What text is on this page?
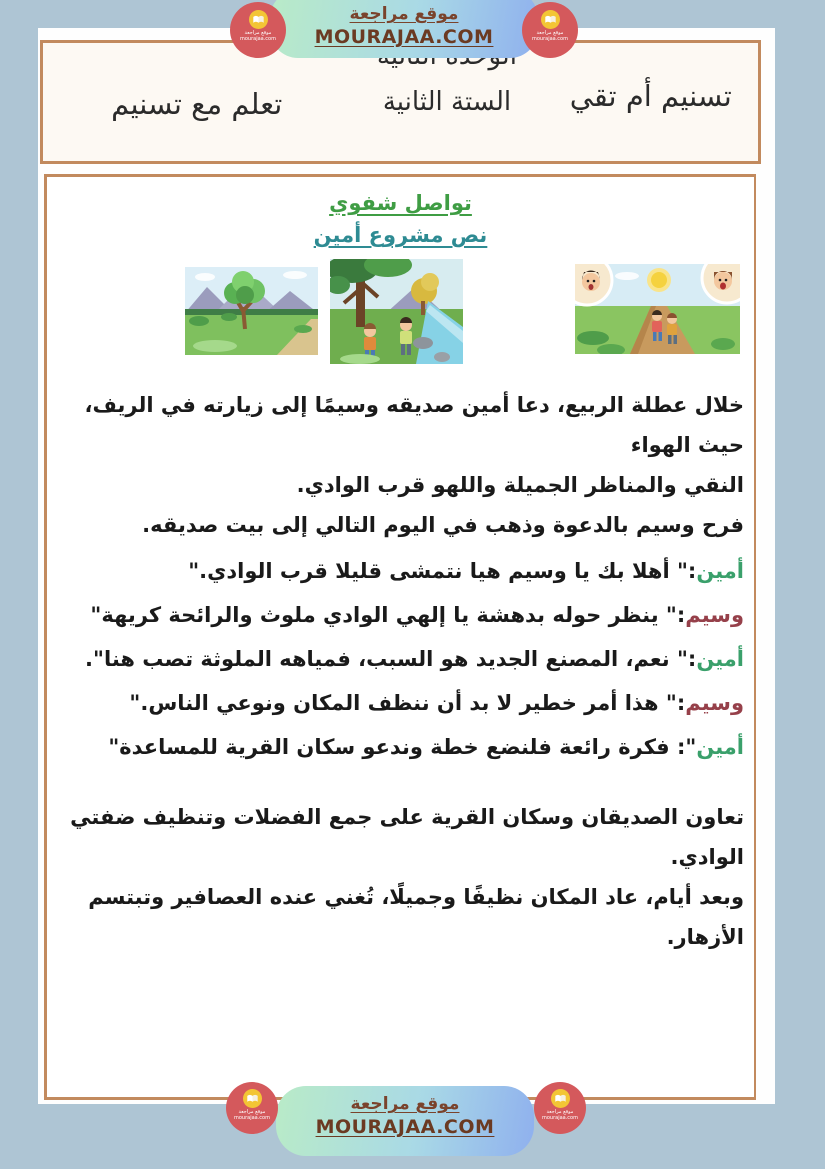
تسنيم أم تقي
الستة الثانية
تعلم مع تسنيم
تواصل شفوي
نص مشروع أمين
خلال عطلة الربيع، دعا أمين صديقه وسيمًا إلى زيارته في الريف، حيث الهواء
النقي والمناظر الجميلة واللهو قرب الوادي.
فرح وسيم بالدعوة وذهب في اليوم التالي إلى بيت صديقه.
أمين:" أهلا بك يا وسيم هيا نتمشى قليلا قرب الوادي."
وسيم:" ينظر حوله بدهشة يا إلهي الوادي ملوث والرائحة كريهة"
أمين:" نعم، المصنع الجديد هو السبب، فمياهه الملوثة تصب هنا".
وسيم:" هذا أمر خطير لا بد أن ننظف المكان ونوعي الناس."
أمين": فكرة رائعة فلنضع خطة وندعو سكان القرية للمساعدة"
تعاون الصديقان وسكان القرية على جمع الفضلات وتنظيف ضفتي الوادي.
وبعد أيام، عاد المكان نظيفًا وجميلًا، تُغني عنده العصافير وتبتسم الأزهار.
موقع مراجعة
MOURAJAA.COM
موقع مراجعة
mourajaa.com
موقع مراجعة
mourajaa.com
موقع مراجعة
MOURAJAA.COM
موقع مراجعة
mourajaa.com
موقع مراجعة
mourajaa.com
